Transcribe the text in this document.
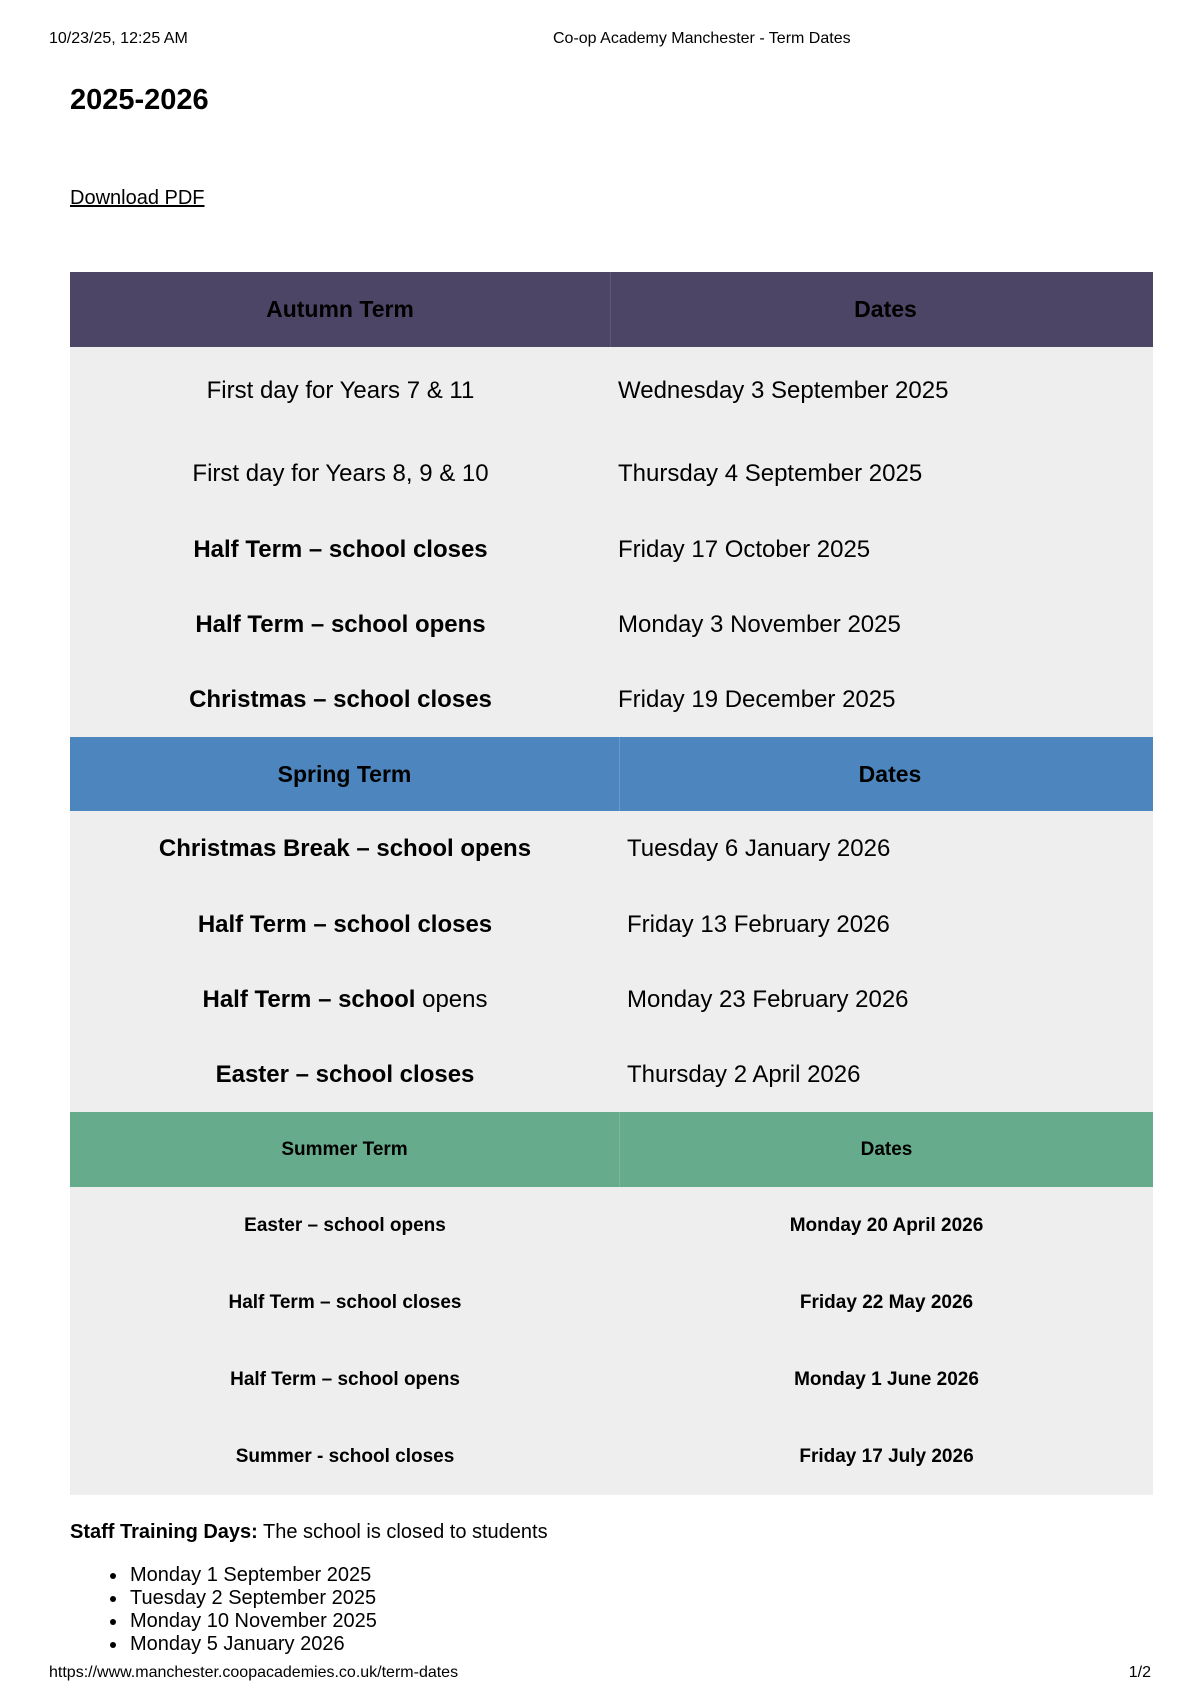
10/23/25, 12:25 AM	Co-op Academy Manchester - Term Dates
2025-2026
Download PDF
Autumn Term	Dates
First day for Years 7 & 11	Wednesday 3 September 2025
First day for Years 8, 9 & 10	Thursday 4 September 2025
Half Term – school closes	Friday 17 October 2025
Half Term – school opens	Monday 3 November 2025
Christmas – school closes	Friday 19 December 2025
Spring Term	Dates
Christmas Break – school opens	Tuesday 6 January 2026
Half Term – school closes	Friday 13 February 2026
Half Term – school opens	Monday 23 February 2026
Easter – school closes	Thursday 2 April 2026
Summer Term	Dates
Easter – school opens	Monday 20 April 2026
Half Term – school closes	Friday 22 May 2026
Half Term – school opens	Monday 1 June 2026
Summer - school closes	Friday 17 July 2026

Staff Training Days: The school is closed to students

Monday 1 September 2025
Tuesday 2 September 2025
Monday 10 November 2025
Monday 5 January 2026
https://www.manchester.coopacademies.co.uk/term-dates	1/2
